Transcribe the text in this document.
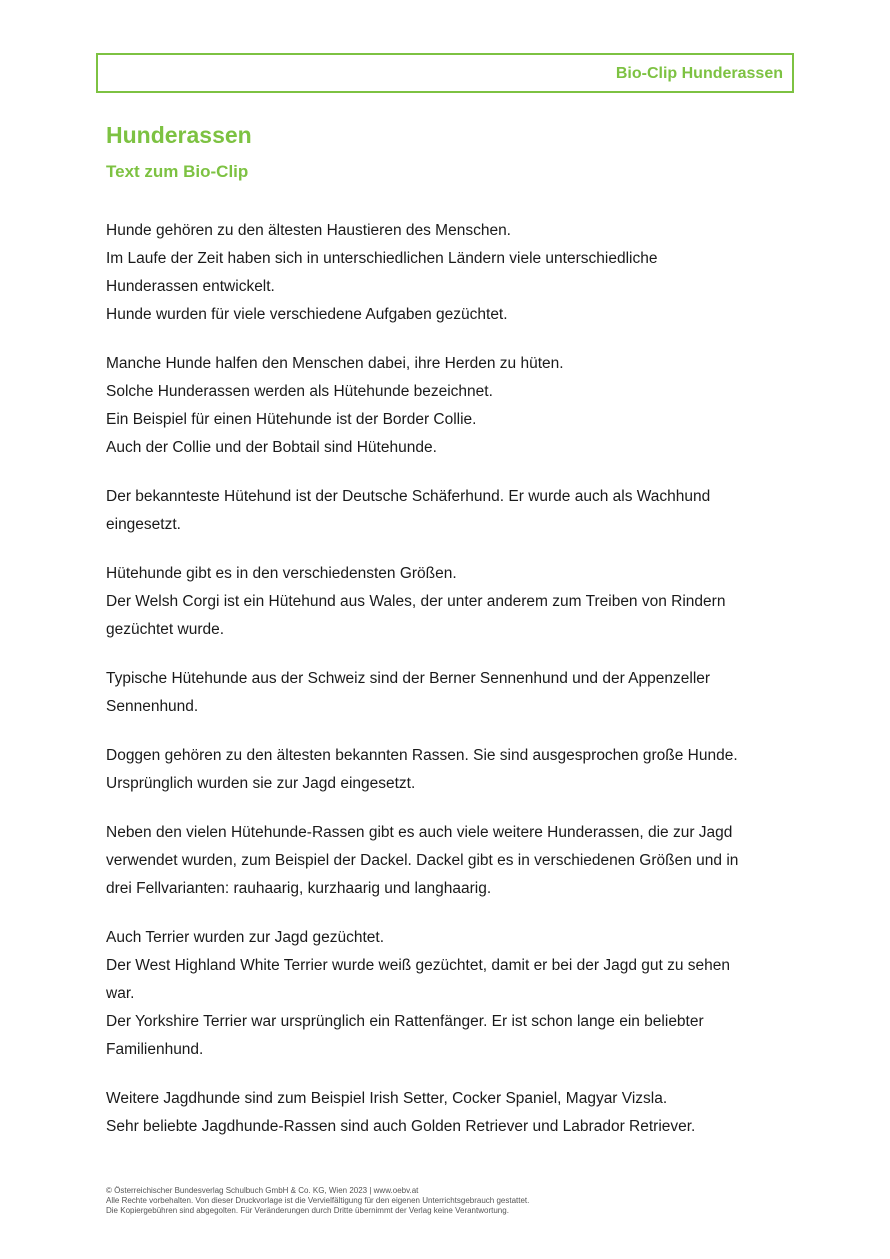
Bio-Clip Hunderassen
Hunderassen
Text zum Bio-Clip

Hunde gehören zu den ältesten Haustieren des Menschen.
Im Laufe der Zeit haben sich in unterschiedlichen Ländern viele unterschiedliche
Hunderassen entwickelt.
Hunde wurden für viele verschiedene Aufgaben gezüchtet.

Manche Hunde halfen den Menschen dabei, ihre Herden zu hüten.
Solche Hunderassen werden als Hütehunde bezeichnet.
Ein Beispiel für einen Hütehunde ist der Border Collie.
Auch der Collie und der Bobtail sind Hütehunde.

Der bekannteste Hütehund ist der Deutsche Schäferhund. Er wurde auch als Wachhund
eingesetzt.

Hütehunde gibt es in den verschiedensten Größen.
Der Welsh Corgi ist ein Hütehund aus Wales, der unter anderem zum Treiben von Rindern
gezüchtet wurde.

Typische Hütehunde aus der Schweiz sind der Berner Sennenhund und der Appenzeller
Sennenhund.

Doggen gehören zu den ältesten bekannten Rassen. Sie sind ausgesprochen große Hunde.
Ursprünglich wurden sie zur Jagd eingesetzt.

Neben den vielen Hütehunde-Rassen gibt es auch viele weitere Hunderassen, die zur Jagd
verwendet wurden, zum Beispiel der Dackel. Dackel gibt es in verschiedenen Größen und in
drei Fellvarianten: rauhaarig, kurzhaarig und langhaarig.

Auch Terrier wurden zur Jagd gezüchtet.
Der West Highland White Terrier wurde weiß gezüchtet, damit er bei der Jagd gut zu sehen
war.
Der Yorkshire Terrier war ursprünglich ein Rattenfänger. Er ist schon lange ein beliebter
Familienhund.

Weitere Jagdhunde sind zum Beispiel Irish Setter, Cocker Spaniel, Magyar Vizsla.
Sehr beliebte Jagdhunde-Rassen sind auch Golden Retriever und Labrador Retriever.

© Österreichischer Bundesverlag Schulbuch GmbH & Co. KG, Wien 2023 | www.oebv.at
Alle Rechte vorbehalten. Von dieser Druckvorlage ist die Vervielfältigung für den eigenen Unterrichtsgebrauch gestattet.
Die Kopiergebühren sind abgegolten. Für Veränderungen durch Dritte übernimmt der Verlag keine Verantwortung.
